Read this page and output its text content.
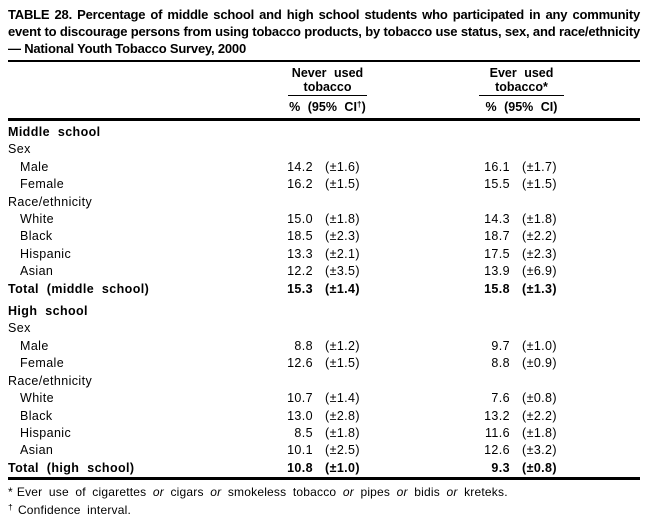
TABLE 28. Percentage of middle school and high school students who participated in any community event to discourage persons from using tobacco products, by tobacco use status, sex, and race/ethnicity — National Youth Tobacco Survey, 2000
Never used
tobacco
% (95% CI†)
Ever used
tobacco*
% (95% CI)
Middle school
Sex
Male	14.2 (±1.6)	16.1 (±1.7)
Female	16.2 (±1.5)	15.5 (±1.5)
Race/ethnicity
White	15.0 (±1.8)	14.3 (±1.8)
Black	18.5 (±2.3)	18.7 (±2.2)
Hispanic	13.3 (±2.1)	17.5 (±2.3)
Asian	12.2 (±3.5)	13.9 (±6.9)
Total (middle school)	15.3 (±1.4)	15.8 (±1.3)
High school
Sex
Male	8.8 (±1.2)	9.7 (±1.0)
Female	12.6 (±1.5)	8.8 (±0.9)
Race/ethnicity
White	10.7 (±1.4)	7.6 (±0.8)
Black	13.0 (±2.8)	13.2 (±2.2)
Hispanic	8.5 (±1.8)	11.6 (±1.8)
Asian	10.1 (±2.5)	12.6 (±3.2)
Total (high school)	10.8 (±1.0)	9.3 (±0.8)
* Ever use of cigarettes or cigars or smokeless tobacco or pipes or bidis or kreteks.
† Confidence interval.
